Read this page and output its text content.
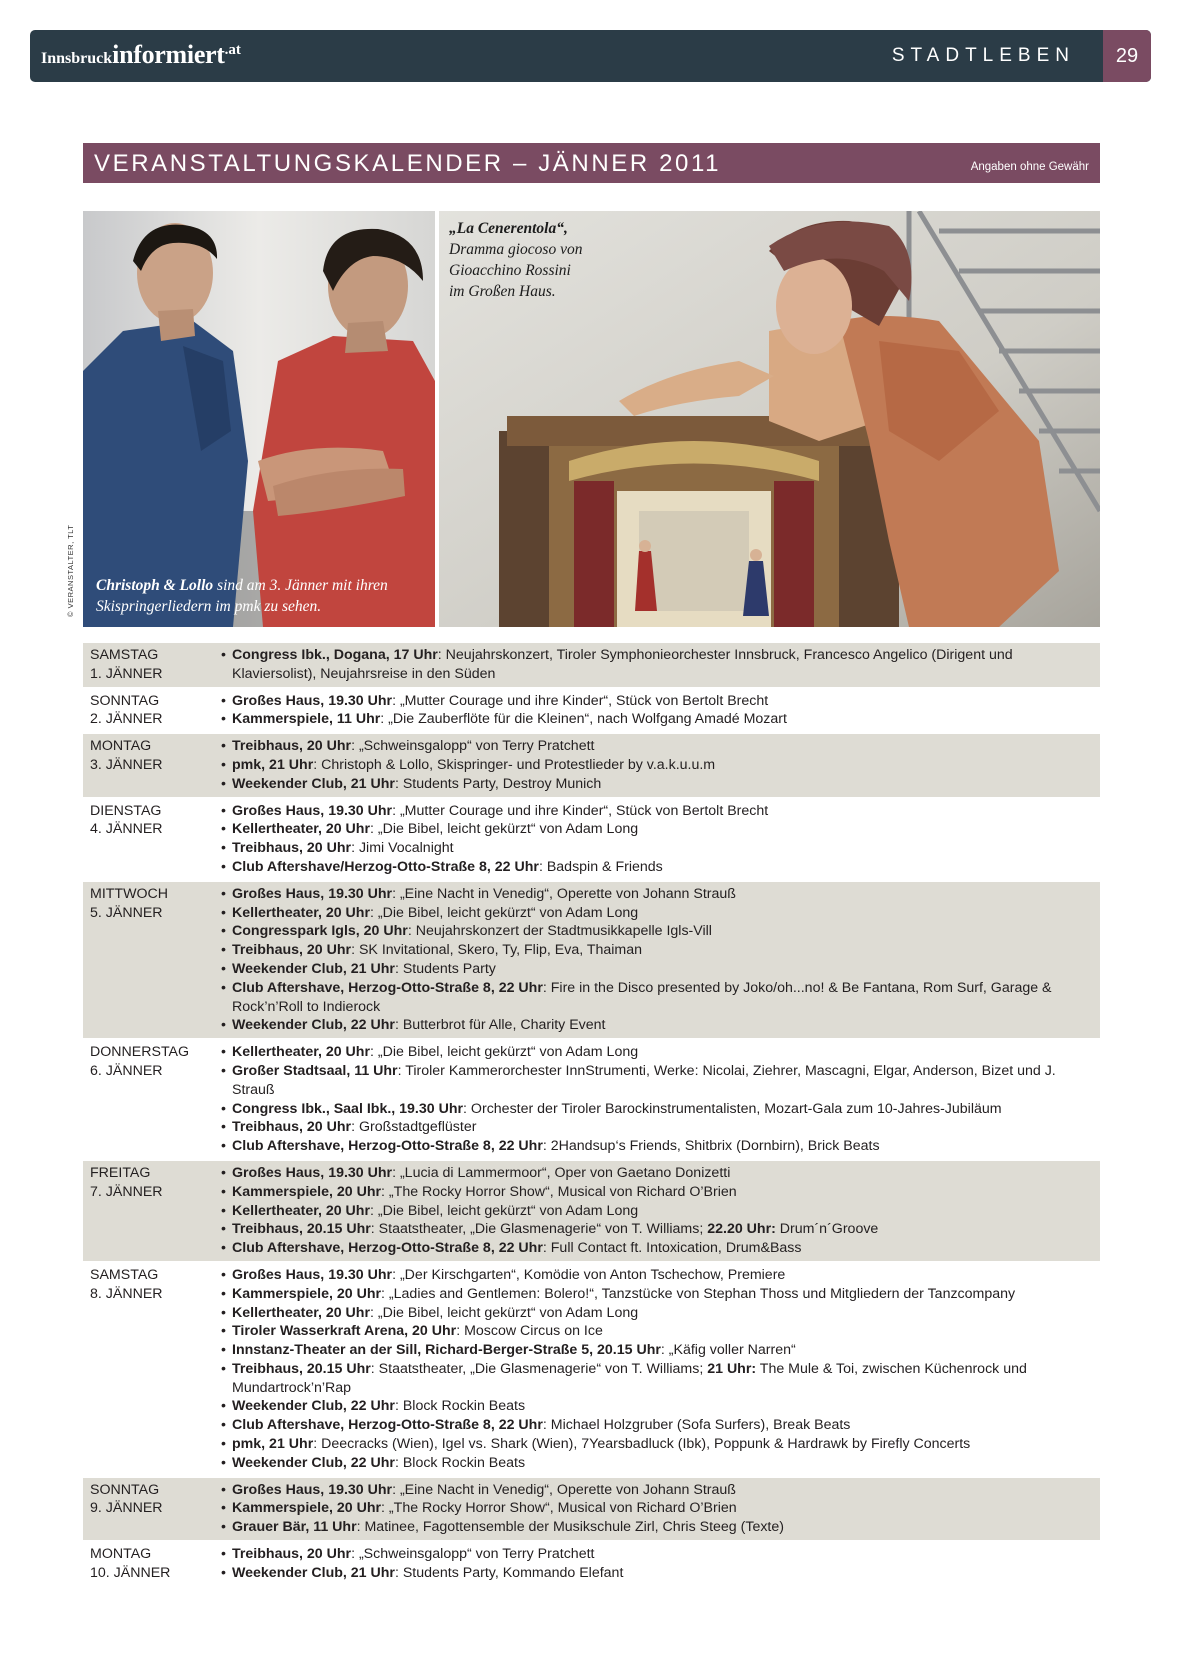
Innsbruckinformiert.at	STADTLEBEN	29
VERANSTALTUNGSKALENDER – JÄNNER 2011	Angaben ohne Gewähr
Christoph & Lollo sind am 3. Jänner mit ihren
Skispringerliedern im pmk zu sehen.
© VERANSTALTER, TLT
„La Cenerentola“,
Dramma giocoso von
Gioacchino Rossini
im Großen Haus.
SAMSTAG
1. JÄNNER
• Congress Ibk., Dogana, 17 Uhr: Neujahrskonzert, Tiroler Symphonieorchester Innsbruck, Francesco Angelico (Dirigent und Klaviersolist), Neujahrsreise in den Süden
SONNTAG
2. JÄNNER
• Großes Haus, 19.30 Uhr: „Mutter Courage und ihre Kinder“, Stück von Bertolt Brecht
• Kammerspiele, 11 Uhr: „Die Zauberflöte für die Kleinen“, nach Wolfgang Amadé Mozart
MONTAG
3. JÄNNER
• Treibhaus, 20 Uhr: „Schweinsgalopp“ von Terry Pratchett
• pmk, 21 Uhr: Christoph & Lollo, Skispringer- und Protestlieder by v.a.k.u.u.m
• Weekender Club, 21 Uhr: Students Party, Destroy Munich
DIENSTAG
4. JÄNNER
• Großes Haus, 19.30 Uhr: „Mutter Courage und ihre Kinder“, Stück von Bertolt Brecht
• Kellertheater, 20 Uhr: „Die Bibel, leicht gekürzt“ von Adam Long
• Treibhaus, 20 Uhr: Jimi Vocalnight
• Club Aftershave/Herzog-Otto-Straße 8, 22 Uhr: Badspin & Friends
MITTWOCH
5. JÄNNER
• Großes Haus, 19.30 Uhr: „Eine Nacht in Venedig“, Operette von Johann Strauß
• Kellertheater, 20 Uhr: „Die Bibel, leicht gekürzt“ von Adam Long
• Congresspark Igls, 20 Uhr: Neujahrskonzert der Stadtmusikkapelle Igls-Vill
• Treibhaus, 20 Uhr: SK Invitational, Skero, Ty, Flip, Eva, Thaiman
• Weekender Club, 21 Uhr: Students Party
• Club Aftershave, Herzog-Otto-Straße 8, 22 Uhr: Fire in the Disco presented by Joko/oh...no! & Be Fantana, Rom Surf, Garage & Rock’n’Roll to Indierock
• Weekender Club, 22 Uhr: Butterbrot für Alle, Charity Event
DONNERSTAG
6. JÄNNER
• Kellertheater, 20 Uhr: „Die Bibel, leicht gekürzt“ von Adam Long
• Großer Stadtsaal, 11 Uhr: Tiroler Kammerorchester InnStrumenti, Werke: Nicolai, Ziehrer, Mascagni, Elgar, Anderson, Bizet und J. Strauß
• Congress Ibk., Saal Ibk., 19.30 Uhr: Orchester der Tiroler Barockinstrumentalisten, Mozart-Gala zum 10-Jahres-Jubiläum
• Treibhaus, 20 Uhr: Großstadtgeflüster
• Club Aftershave, Herzog-Otto-Straße 8, 22 Uhr: 2Handsup‘s Friends, Shitbrix (Dornbirn), Brick Beats
FREITAG
7. JÄNNER
• Großes Haus, 19.30 Uhr: „Lucia di Lammermoor“, Oper von Gaetano Donizetti
• Kammerspiele, 20 Uhr: „The Rocky Horror Show“, Musical von Richard O’Brien
• Kellertheater, 20 Uhr: „Die Bibel, leicht gekürzt“ von Adam Long
• Treibhaus, 20.15 Uhr: Staatstheater, „Die Glasmenagerie“ von T. Williams; 22.20 Uhr: Drum´n´Groove
• Club Aftershave, Herzog-Otto-Straße 8, 22 Uhr: Full Contact ft. Intoxication, Drum&Bass
SAMSTAG
8. JÄNNER
• Großes Haus, 19.30 Uhr: „Der Kirschgarten“, Komödie von Anton Tschechow, Premiere
• Kammerspiele, 20 Uhr: „Ladies and Gentlemen: Bolero!“, Tanzstücke von Stephan Thoss und Mitgliedern der Tanzcompany
• Kellertheater, 20 Uhr: „Die Bibel, leicht gekürzt“ von Adam Long
• Tiroler Wasserkraft Arena, 20 Uhr: Moscow Circus on Ice
• Innstanz-Theater an der Sill, Richard-Berger-Straße 5, 20.15 Uhr: „Käfig voller Narren“
• Treibhaus, 20.15 Uhr: Staatstheater, „Die Glasmenagerie“ von T. Williams; 21 Uhr: The Mule & Toi, zwischen Küchenrock und Mundartrock’n’Rap
• Weekender Club, 22 Uhr: Block Rockin Beats
• Club Aftershave, Herzog-Otto-Straße 8, 22 Uhr: Michael Holzgruber (Sofa Surfers), Break Beats
• pmk, 21 Uhr: Deecracks (Wien), Igel vs. Shark (Wien), 7Yearsbadluck (Ibk), Poppunk & Hardrawk by Firefly Concerts
• Weekender Club, 22 Uhr: Block Rockin Beats
SONNTAG
9. JÄNNER
• Großes Haus, 19.30 Uhr: „Eine Nacht in Venedig“, Operette von Johann Strauß
• Kammerspiele, 20 Uhr: „The Rocky Horror Show“, Musical von Richard O’Brien
• Grauer Bär, 11 Uhr: Matinee, Fagottensemble der Musikschule Zirl, Chris Steeg (Texte)
MONTAG
10. JÄNNER
• Treibhaus, 20 Uhr: „Schweinsgalopp“ von Terry Pratchett
• Weekender Club, 21 Uhr: Students Party, Kommando Elefant
